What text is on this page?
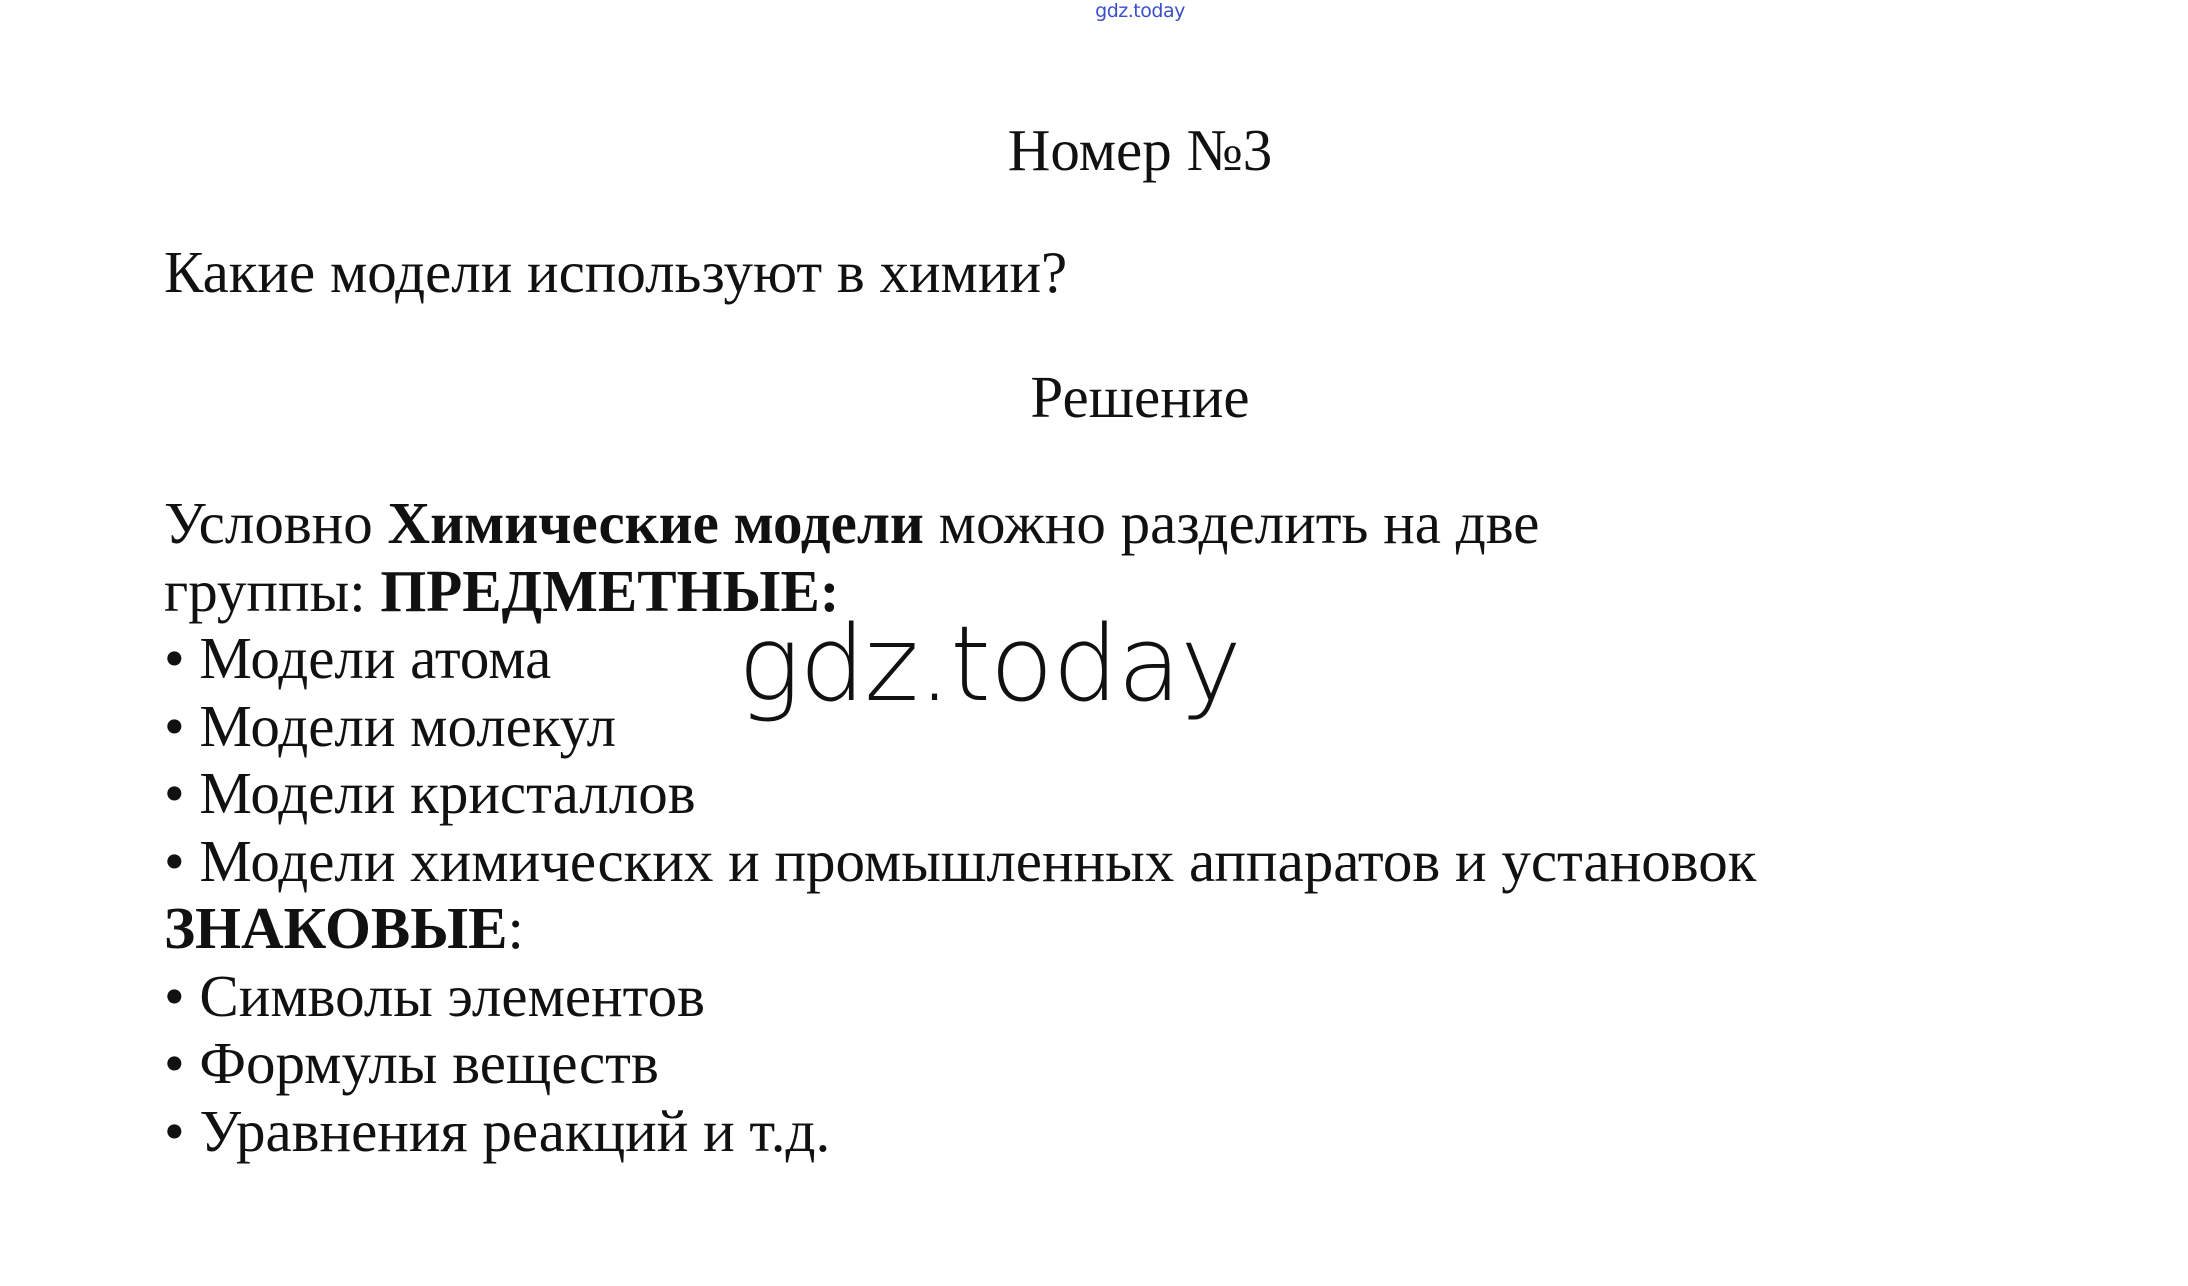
gdz.today
Номер №3
Какие модели используют в химии?
Решение
Условно Химические модели можно разделить на две
группы: ПРЕДМЕТНЫЕ:
• Модели атома
• Модели молекул
• Модели кристаллов
• Модели химических и промышленных аппаратов и установок
ЗНАКОВЫЕ:
• Символы элементов
• Формулы веществ
• Уравнения реакций и т.д.
gdz.today
